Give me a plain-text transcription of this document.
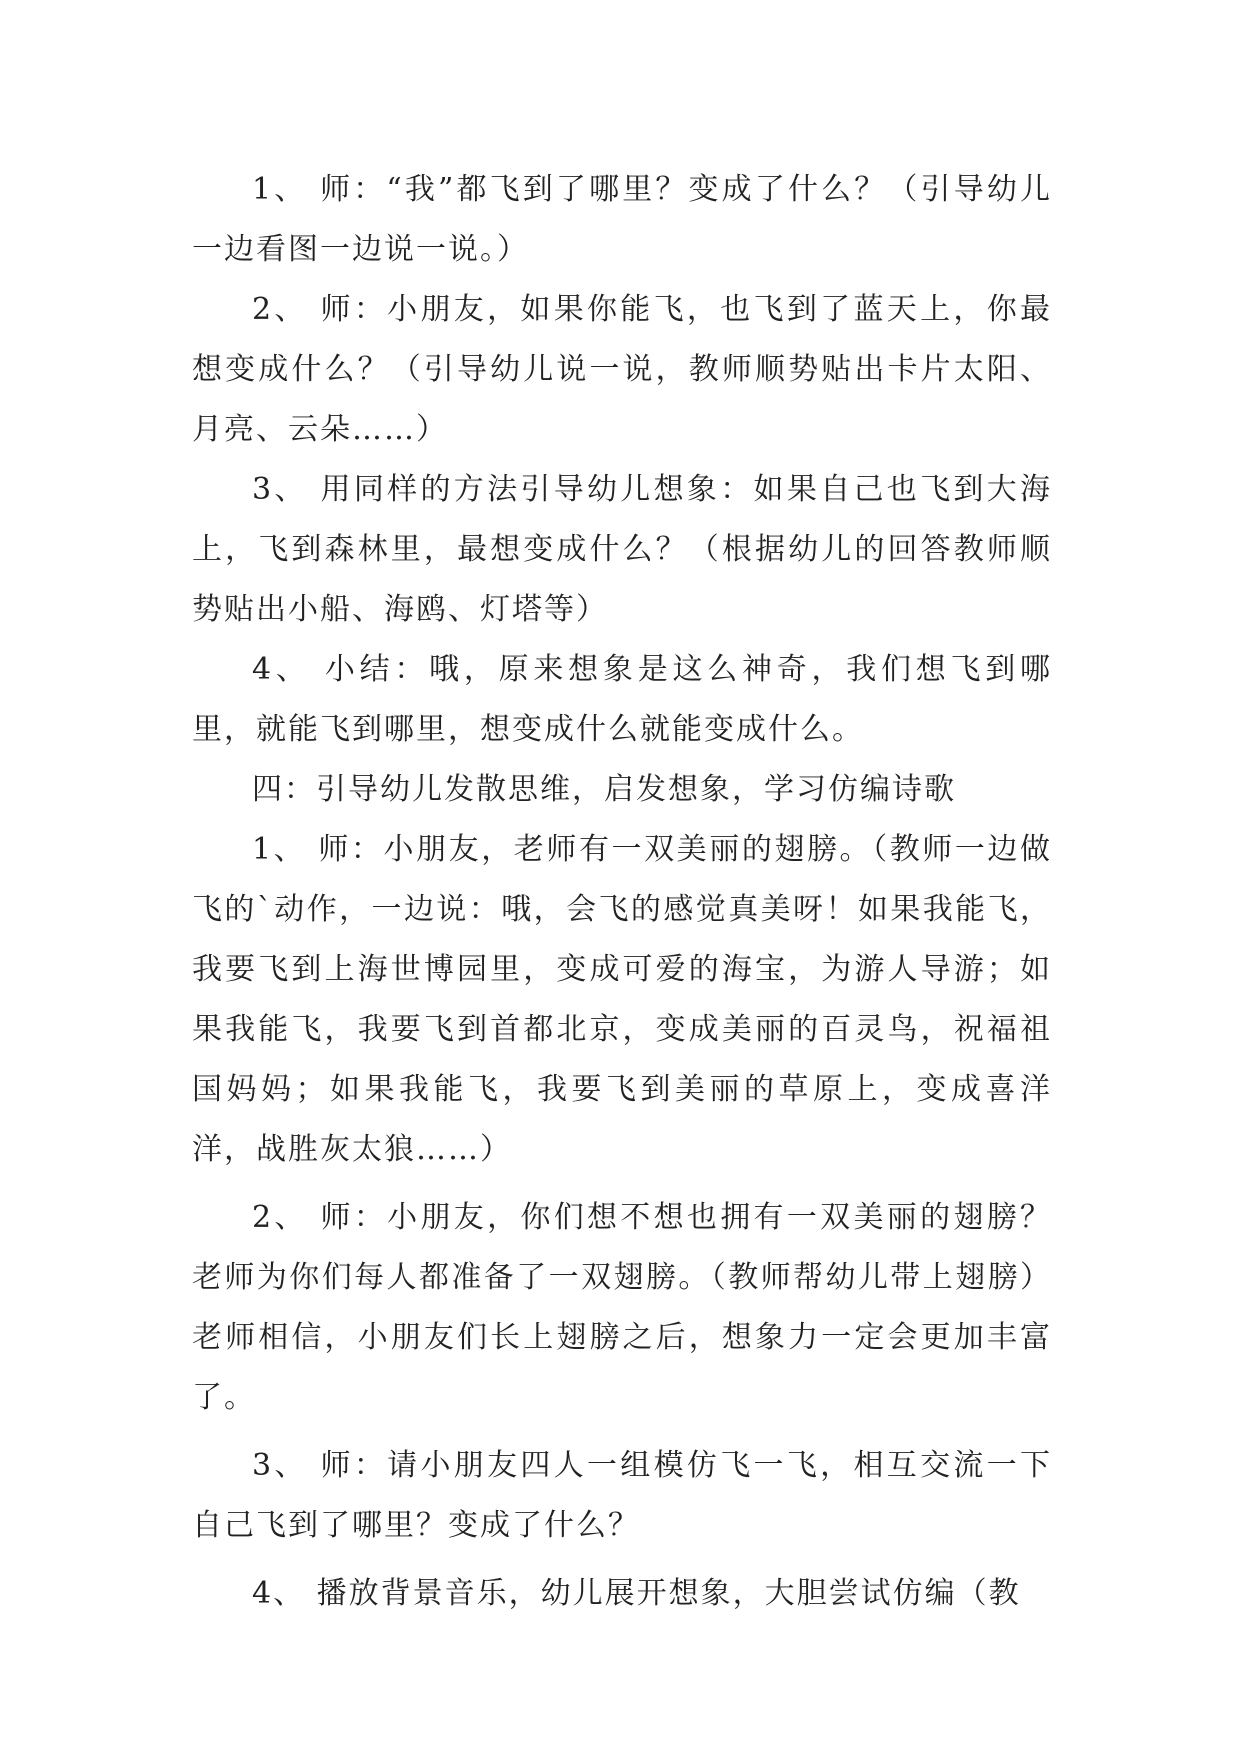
1、 师：“我”都飞到了哪里？变成了什么？（引导幼儿一边看图一边说一说。）

2、 师：小朋友，如果你能飞，也飞到了蓝天上，你最想变成什么？（引导幼儿说一说，教师顺势贴出卡片太阳、月亮、云朵……）

3、 用同样的方法引导幼儿想象：如果自己也飞到大海上，飞到森林里，最想变成什么？（根据幼儿的回答教师顺势贴出小船、海鸥、灯塔等）

4、 小结：哦，原来想象是这么神奇，我们想飞到哪里，就能飞到哪里，想变成什么就能变成什么。

四：引导幼儿发散思维，启发想象，学习仿编诗歌

1、 师：小朋友，老师有一双美丽的翅膀。（教师一边做飞的`动作，一边说：哦，会飞的感觉真美呀！如果我能飞，我要飞到上海世博园里，变成可爱的海宝，为游人导游；如果我能飞，我要飞到首都北京，变成美丽的百灵鸟，祝福祖国妈妈；如果我能飞，我要飞到美丽的草原上，变成喜洋洋，战胜灰太狼……）

2、 师：小朋友，你们想不想也拥有一双美丽的翅膀？老师为你们每人都准备了一双翅膀。（教师帮幼儿带上翅膀）老师相信，小朋友们长上翅膀之后，想象力一定会更加丰富了。

3、 师：请小朋友四人一组模仿飞一飞，相互交流一下自己飞到了哪里？变成了什么？

4、 播放背景音乐，幼儿展开想象，大胆尝试仿编（教
